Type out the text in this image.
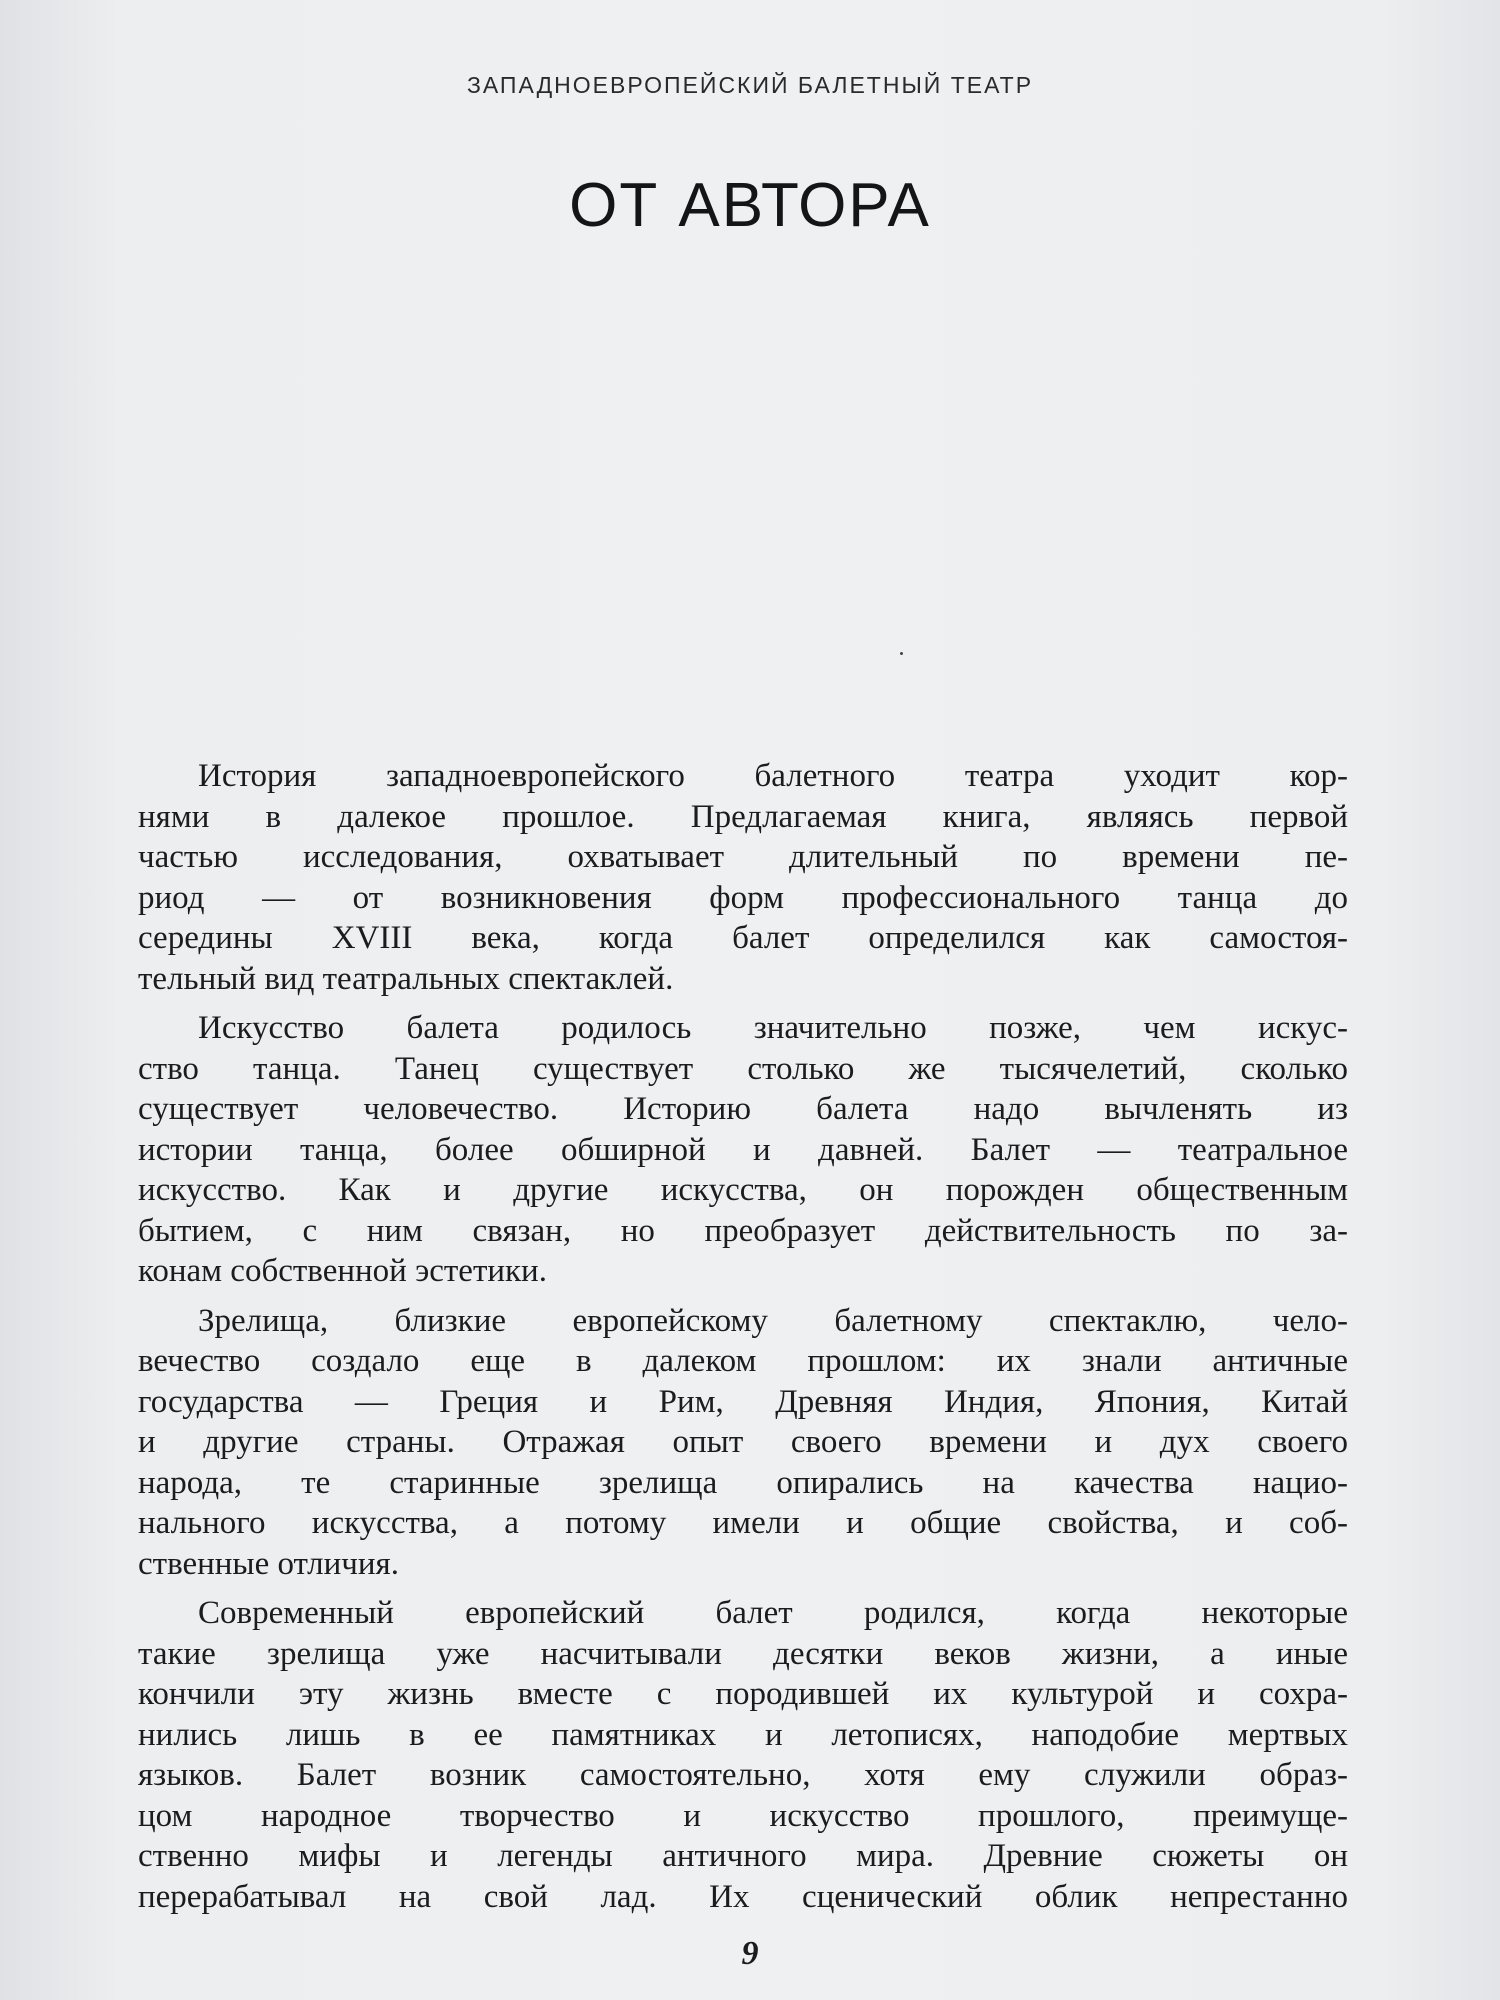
ЗАПАДНОЕВРОПЕЙСКИЙ БАЛЕТНЫЙ ТЕАТР
ОТ АВТОРА
История западноевропейского балетного театра уходит кор-
нями в далекое прошлое. Предлагаемая книга, являясь первой
частью исследования, охватывает длительный по времени пе-
риод — от возникновения форм профессионального танца до
середины XVIII века, когда балет определился как самостоя-
тельный вид театральных спектаклей.
Искусство балета родилось значительно позже, чем искус-
ство танца. Танец существует столько же тысячелетий, сколько
существует человечество. Историю балета надо вычленять из
истории танца, более обширной и давней. Балет — театральное
искусство. Как и другие искусства, он порожден общественным
бытием, с ним связан, но преобразует действительность по за-
конам собственной эстетики.
Зрелища, близкие европейскому балетному спектаклю, чело-
вечество создало еще в далеком прошлом: их знали античные
государства — Греция и Рим, Древняя Индия, Япония, Китай
и другие страны. Отражая опыт своего времени и дух своего
народа, те старинные зрелища опирались на качества нацио-
нального искусства, а потому имели и общие свойства, и соб-
ственные отличия.
Современный европейский балет родился, когда некоторые
такие зрелища уже насчитывали десятки веков жизни, а иные
кончили эту жизнь вместе с породившей их культурой и сохра-
нились лишь в ее памятниках и летописях, наподобие мертвых
языков. Балет возник самостоятельно, хотя ему служили образ-
цом народное творчество и искусство прошлого, преимуще-
ственно мифы и легенды античного мира. Древние сюжеты он
перерабатывал на свой лад. Их сценический облик непрестанно
9
